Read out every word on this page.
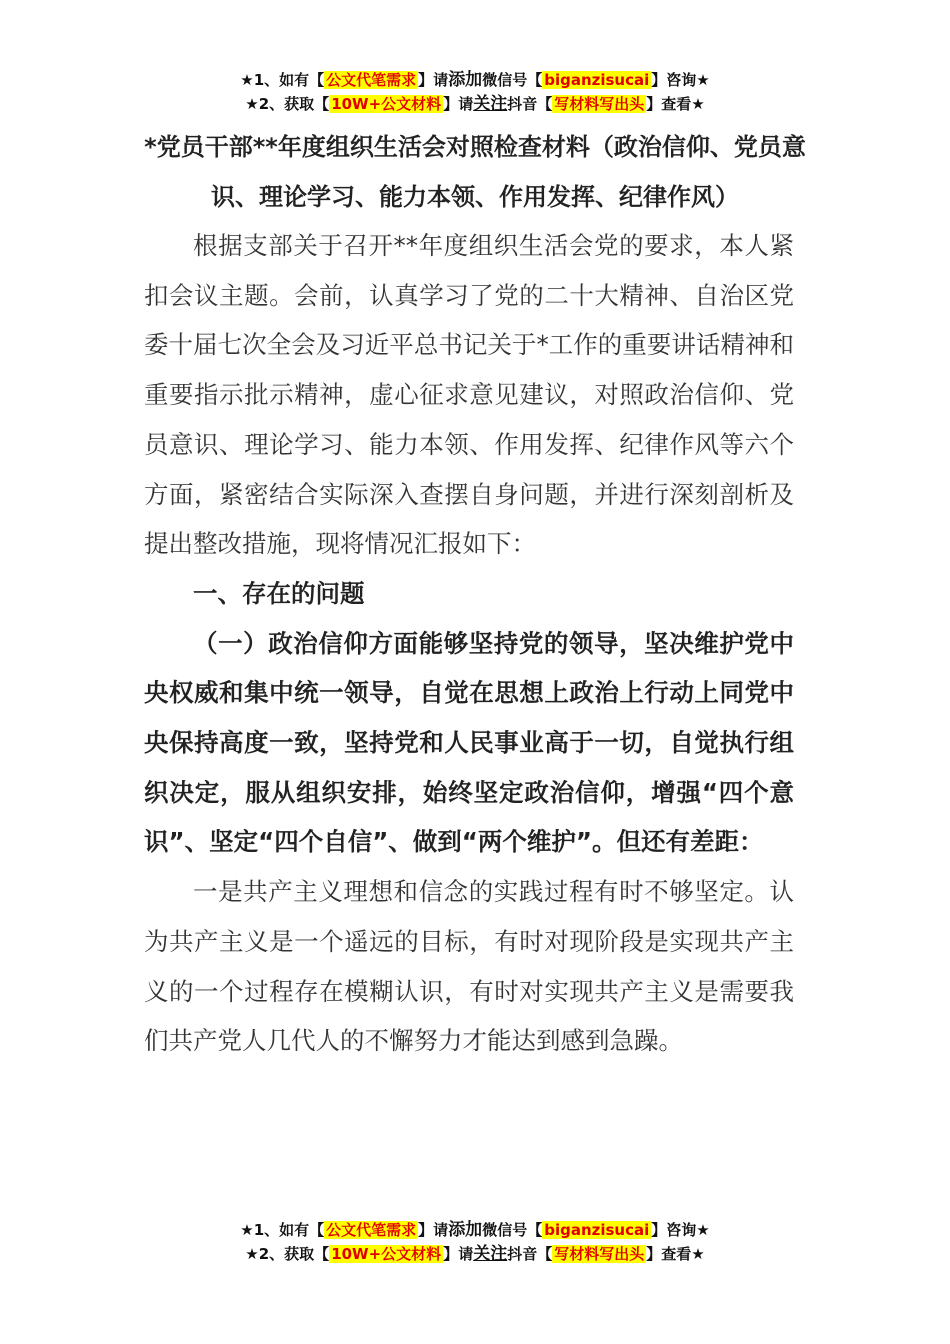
★1、如有【 公文代笔需求 】请添加微信号【 biganzisucai 】咨询★
★2、获取【 10W+公文材料 】请关注抖音【 写材料写出头 】查看★
*党员干部**年度组织生活会对照检查材料（政治信仰、党员意识、理论学习、能力本领、作用发挥、纪律作风）

根据支部关于召开**年度组织生活会党的要求，本人紧扣会议主题。会前，认真学习了党的二十大精神、自治区党委十届七次全会及习近平总书记关于*工作的重要讲话精神和重要指示批示精神，虚心征求意见建议，对照政治信仰、党员意识、理论学习、能力本领、作用发挥、纪律作风等六个方面，紧密结合实际深入查摆自身问题，并进行深刻剖析及提出整改措施，现将情况汇报如下：

一、存在的问题

（一）政治信仰方面能够坚持党的领导，坚决维护党中央权威和集中统一领导，自觉在思想上政治上行动上同党中央保持高度一致，坚持党和人民事业高于一切，自觉执行组织决定，服从组织安排，始终坚定政治信仰，增强“四个意识”、坚定“四个自信”、做到“两个维护”。但还有差距：

一是共产主义理想和信念的实践过程有时不够坚定。认为共产主义是一个遥远的目标，有时对现阶段是实现共产主义的一个过程存在模糊认识，有时对实现共产主义是需要我们共产党人几代人的不懈努力才能达到感到急躁。

★1、如有【 公文代笔需求 】请添加微信号【 biganzisucai 】咨询★
★2、获取【 10W+公文材料 】请关注抖音【 写材料写出头 】查看★
